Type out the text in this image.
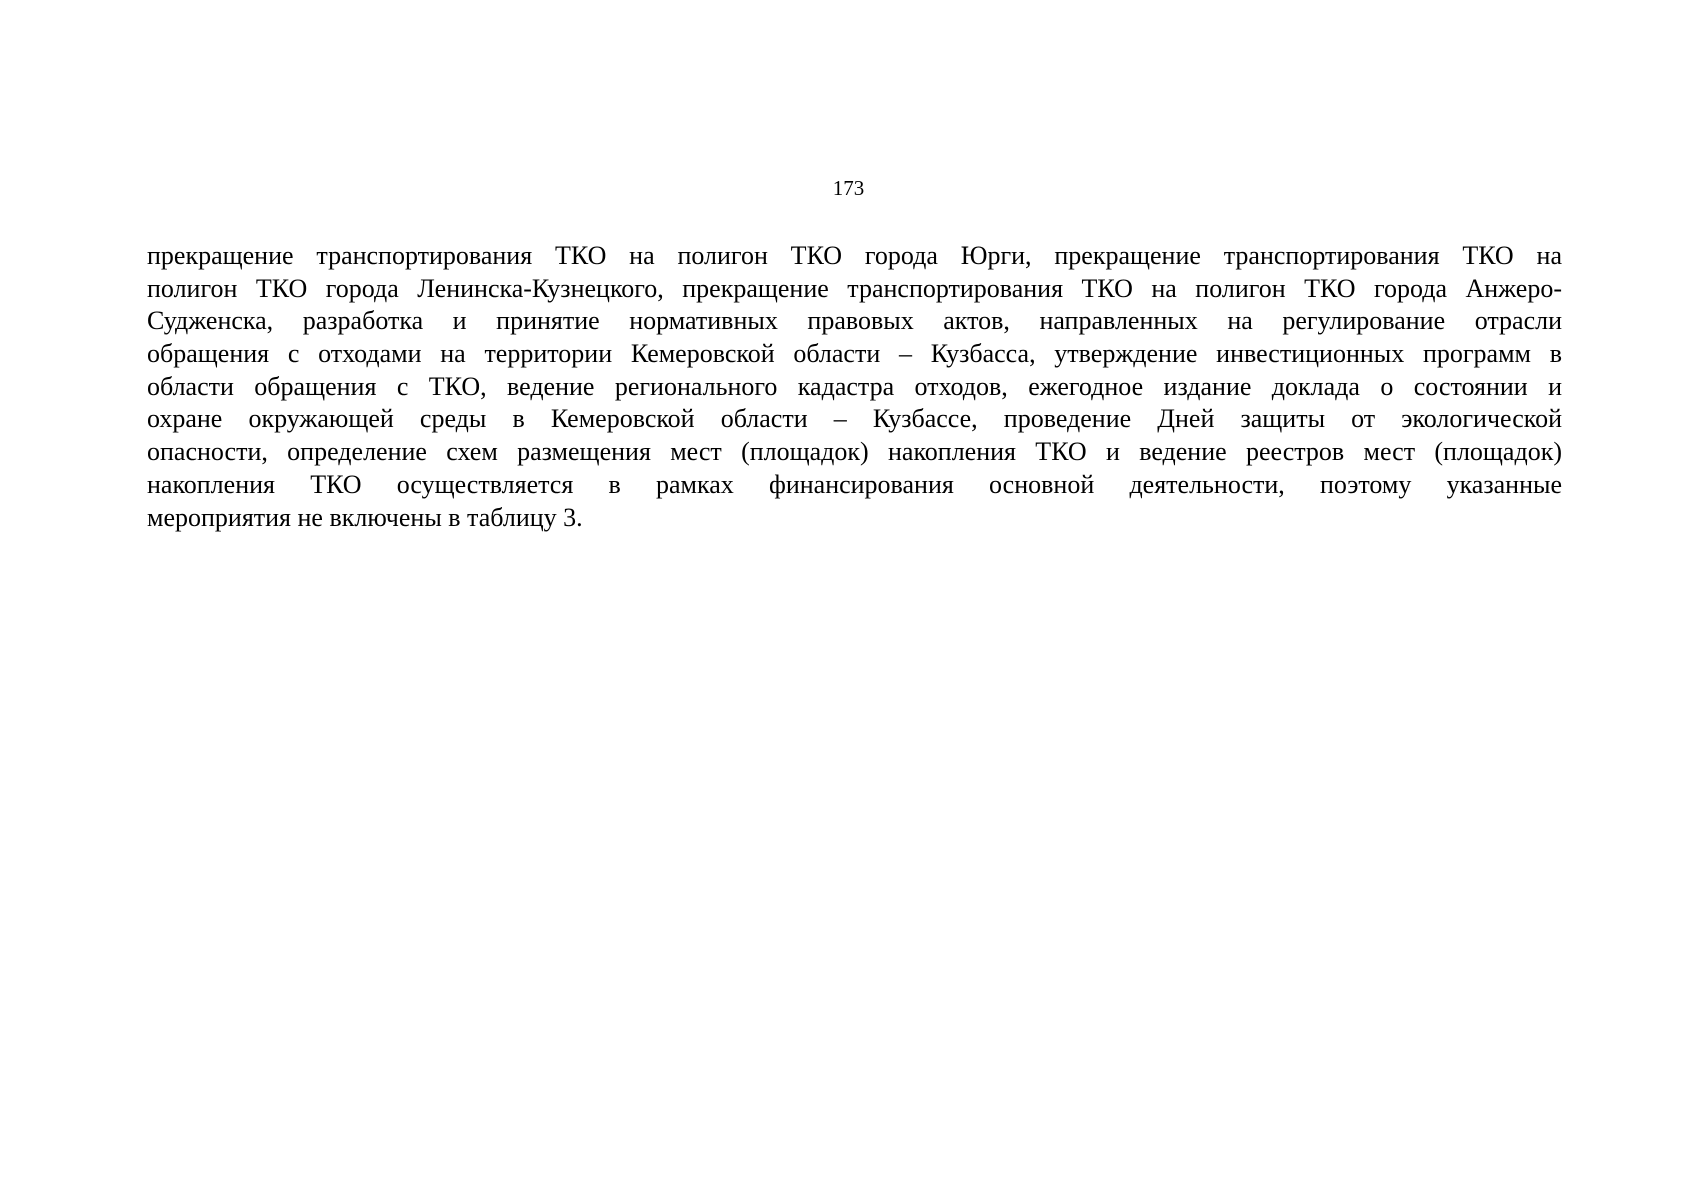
173
прекращение транспортирования ТКО на полигон ТКО города Юрги, прекращение транспортирования ТКО на
полигон ТКО города Ленинска-Кузнецкого, прекращение транспортирования ТКО на полигон ТКО города Анжеро-
Судженска, разработка и принятие нормативных правовых актов, направленных на регулирование отрасли
обращения с отходами на территории Кемеровской области – Кузбасса, утверждение инвестиционных программ в
области обращения с ТКО, ведение регионального кадастра отходов, ежегодное издание доклада о состоянии и
охране окружающей среды в Кемеровской области – Кузбассе, проведение Дней защиты от экологической
опасности, определение схем размещения мест (площадок) накопления ТКО и ведение реестров мест (площадок)
накопления ТКО осуществляется в рамках финансирования основной деятельности, поэтому указанные
мероприятия не включены в таблицу 3.
